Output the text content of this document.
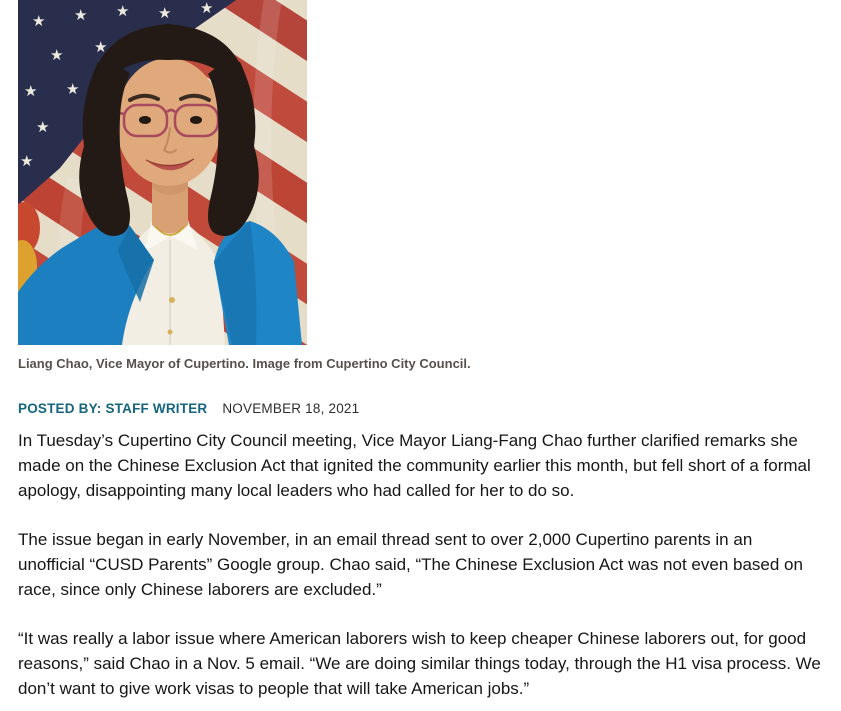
★ ★ ★ ★ ★
★ ★
★ ★
★
★
Liang Chao, Vice Mayor of Cupertino. Image from Cupertino City Council.
POSTED BY: STAFF WRITER NOVEMBER 18, 2021

In Tuesday’s Cupertino City Council meeting, Vice Mayor Liang-Fang Chao further clarified remarks she made on the Chinese Exclusion Act that ignited the community earlier this month, but fell short of a formal apology, disappointing many local leaders who had called for her to do so.

The issue began in early November, in an email thread sent to over 2,000 Cupertino parents in an unofficial “CUSD Parents” Google group. Chao said, “The Chinese Exclusion Act was not even based on race, since only Chinese laborers are excluded.”

“It was really a labor issue where American laborers wish to keep cheaper Chinese laborers out, for good reasons,” said Chao in a Nov. 5 email. “We are doing similar things today, through the H1 visa process. We don’t want to give work visas to people that will take American jobs.”
